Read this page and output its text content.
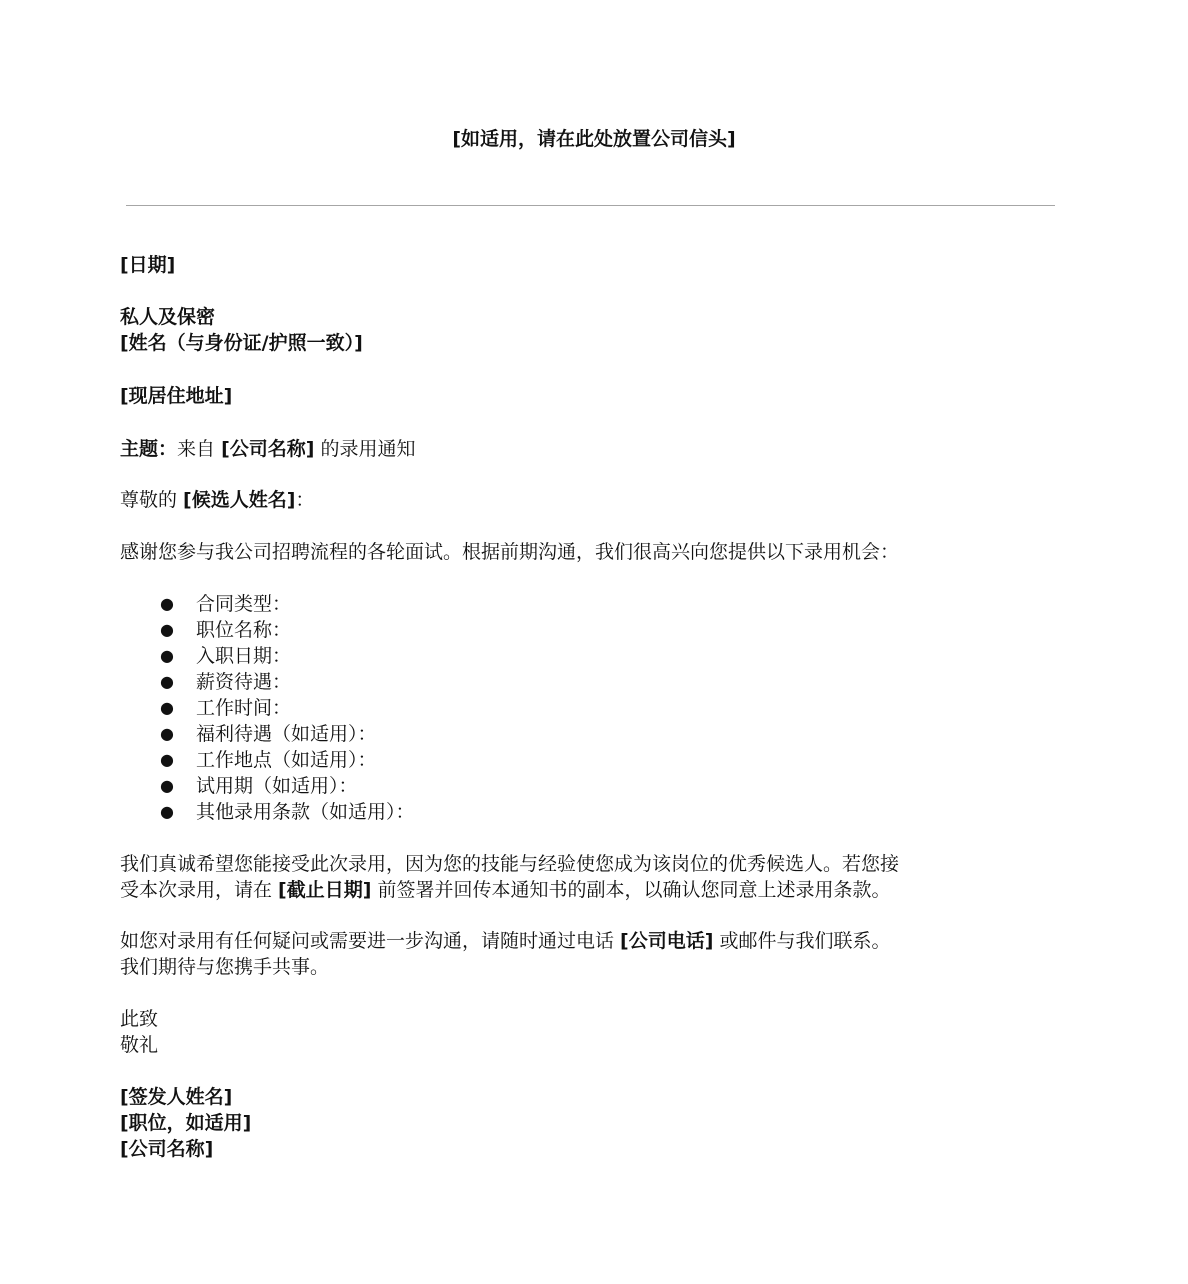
[如适用，请在此处放置公司信头]

[日期]

私人及保密

[姓名（与身份证/护照一致）]

[现居住地址]

主题：来自 [公司名称] 的录用通知

尊敬的 [候选人姓名]：

感谢您参与我公司招聘流程的各轮面试。根据前期沟通，我们很高兴向您提供以下录用机会：

● 合同类型：
● 职位名称：
● 入职日期：
● 薪资待遇：
● 工作时间：
● 福利待遇（如适用）：
● 工作地点（如适用）：
● 试用期（如适用）：
● 其他录用条款（如适用）：

我们真诚希望您能接受此次录用，因为您的技能与经验使您成为该岗位的优秀候选人。若您接
受本次录用，请在 [截止日期] 前签署并回传本通知书的副本，以确认您同意上述录用条款。

如您对录用有任何疑问或需要进一步沟通，请随时通过电话 [公司电话] 或邮件与我们联系。
我们期待与您携手共事。

此致
敬礼

[签发人姓名]
[职位，如适用]
[公司名称]
